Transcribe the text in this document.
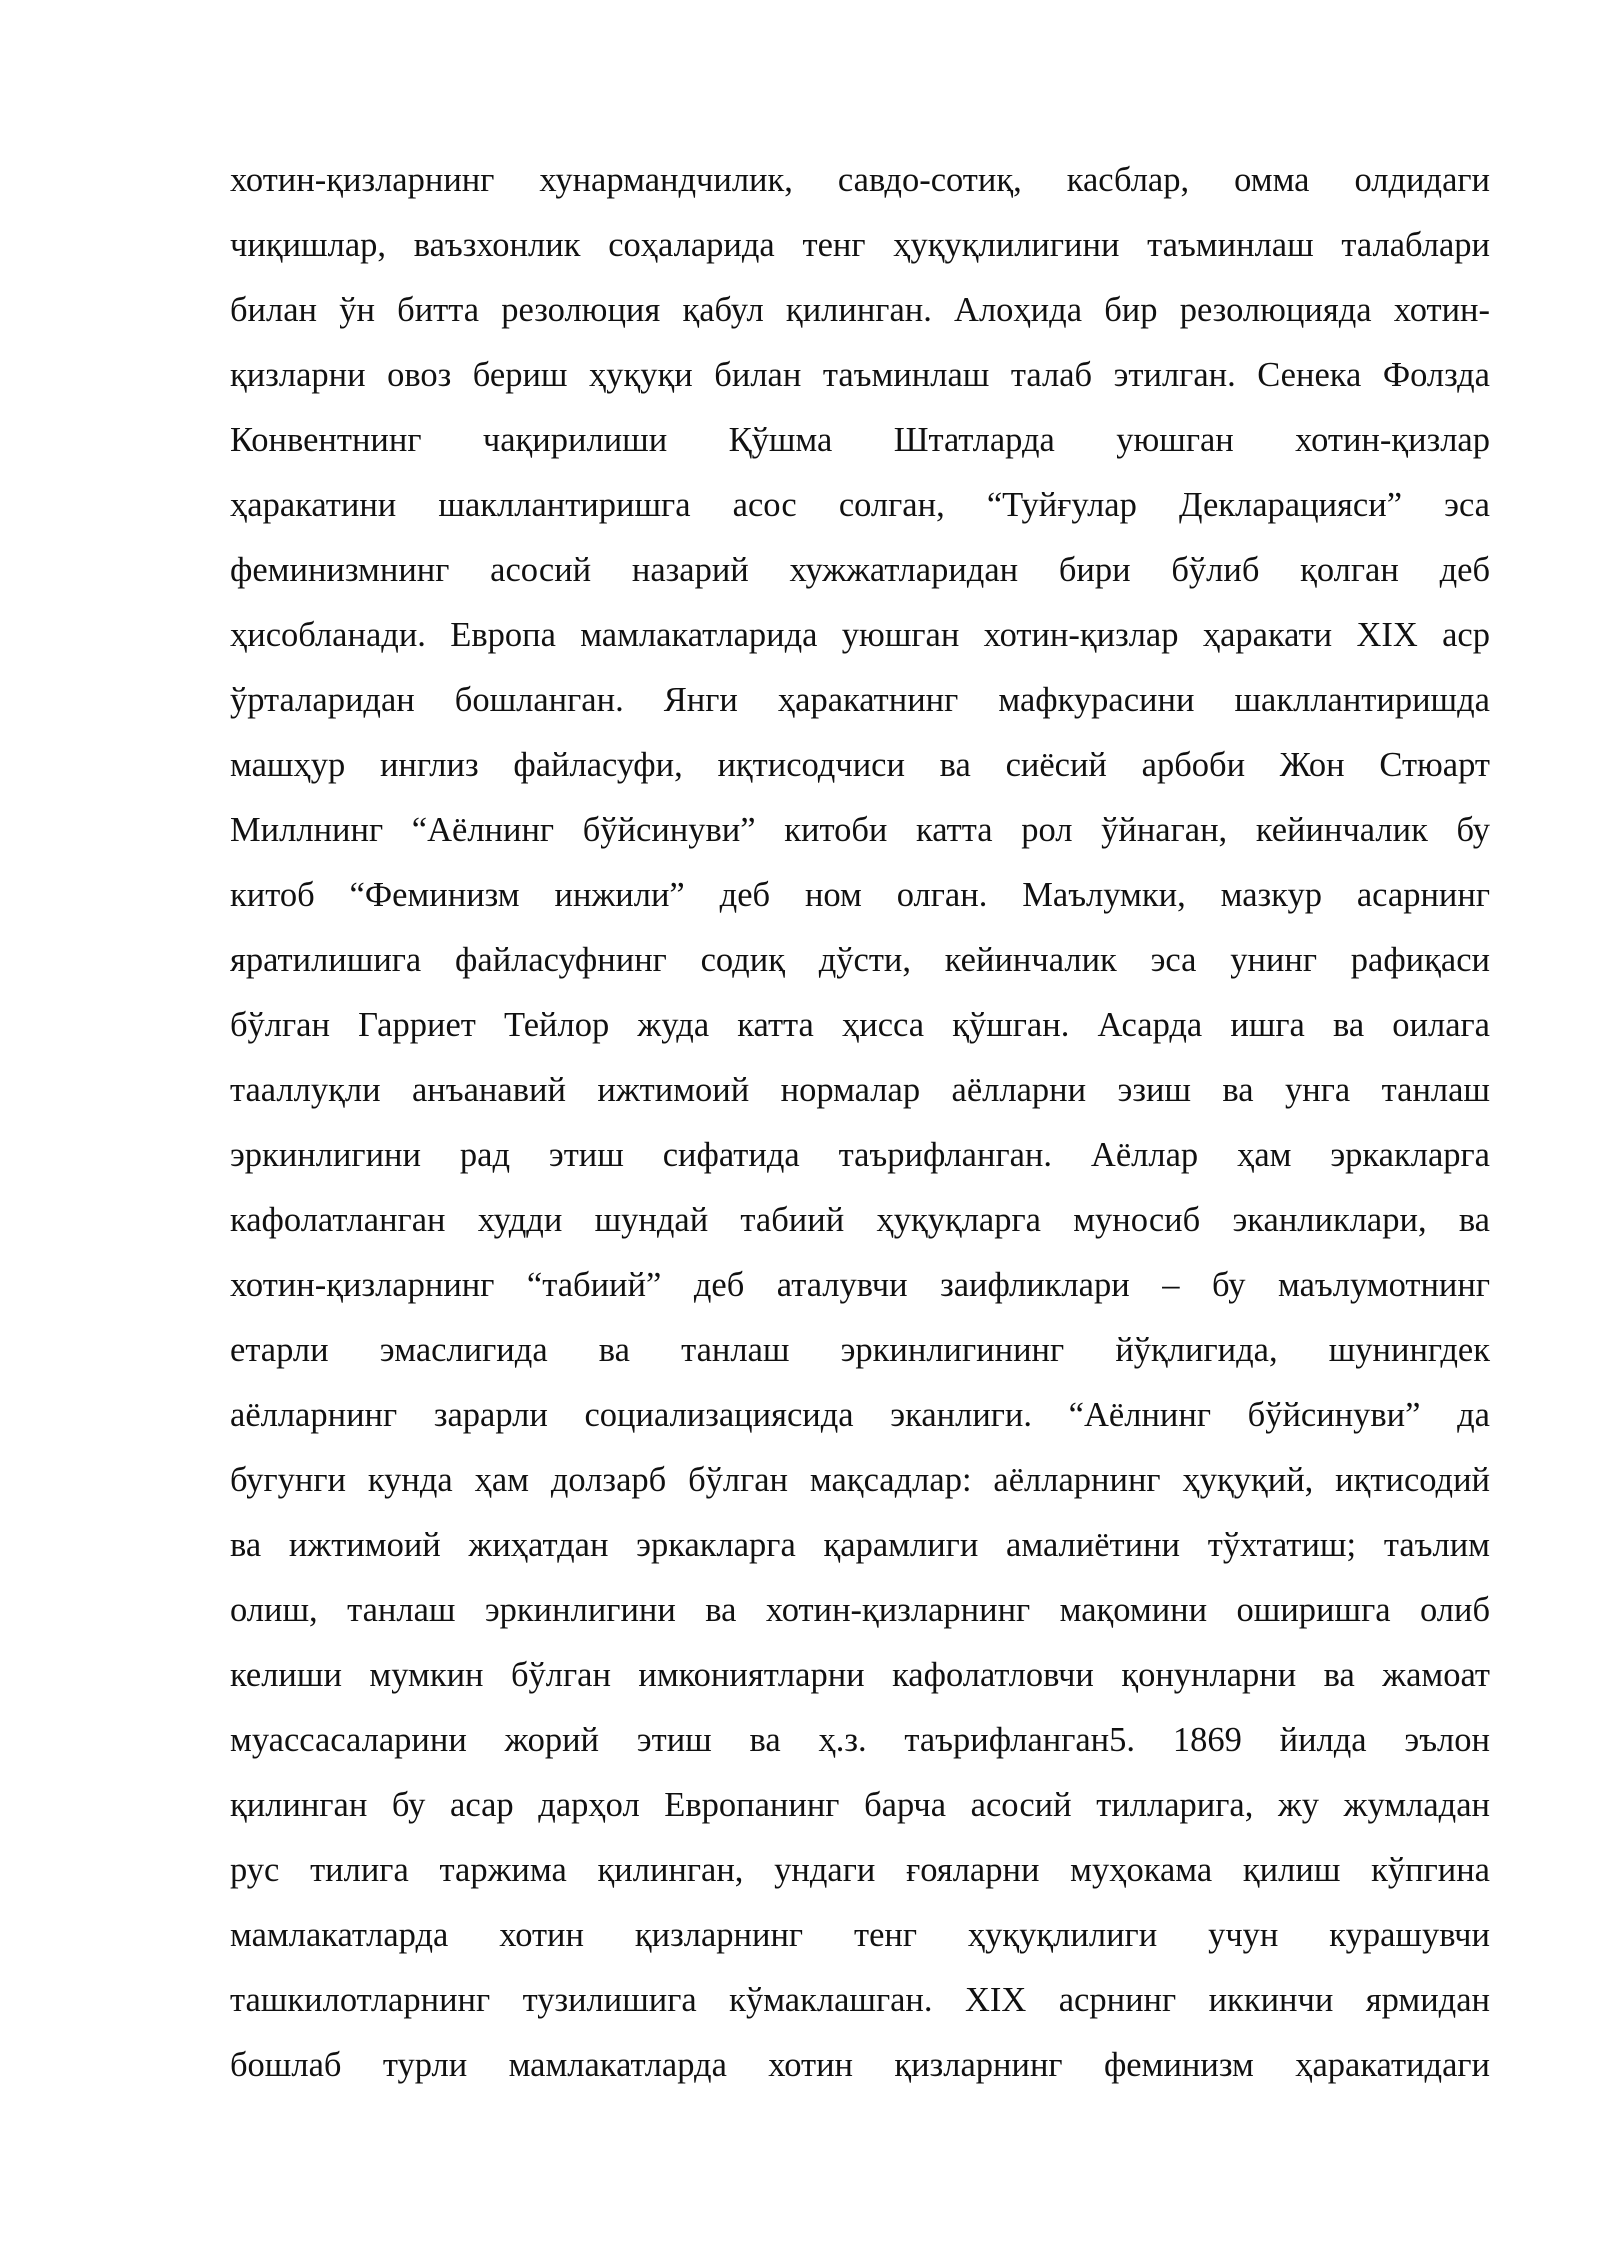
хотин-қизларнинг хунармандчилик, савдо-сотиқ, касблар, омма олдидаги
чиқишлар, ваъзхонлик соҳаларида тенг ҳуқуқлилигини таъминлаш талаблари
билан ўн битта резолюция қабул қилинган. Алоҳида бир резолюцияда хотин-
қизларни овоз бериш ҳуқуқи билан таъминлаш талаб этилган. Сенека Фолзда
Конвентнинг чақирилиши Қўшма Штатларда уюшган хотин-қизлар
ҳаракатини шакллантиришга асос солган, “Туйғулар Декларацияси” эса
феминизмнинг асосий назарий хужжатларидан бири бўлиб қолган деб
ҳисобланади. Европа мамлакатларида уюшган хотин-қизлар ҳаракати XIX аср
ўрталаридан бошланган. Янги ҳаракатнинг мафкурасини шакллантиришда
машҳур инглиз файласуфи, иқтисодчиси ва сиёсий арбоби Жон Стюарт
Миллнинг “Аёлнинг бўйсинуви” китоби катта рол ўйнаган, кейинчалик бу
китоб “Феминизм инжили” деб ном олган. Маълумки, мазкур асарнинг
яратилишига файласуфнинг содиқ дўсти, кейинчалик эса унинг рафиқаси
бўлган Гарриет Тейлор жуда катта ҳисса қўшган. Асарда ишга ва оилага
тааллуқли анъанавий ижтимоий нормалар аёлларни эзиш ва унга танлаш
эркинлигини рад этиш сифатида таърифланган. Аёллар ҳам эркакларга
кафолатланган худди шундай табиий ҳуқуқларга муносиб эканликлари, ва
хотин-қизларнинг “табиий” деб аталувчи заифликлари – бу маълумотнинг
етарли эмаслигида ва танлаш эркинлигининг йўқлигида, шунингдек
аёлларнинг зарарли социализациясида эканлиги. “Аёлнинг бўйсинуви” да
бугунги кунда ҳам долзарб бўлган мақсадлар: аёлларнинг ҳуқуқий, иқтисодий
ва ижтимоий жиҳатдан эркакларга қарамлиги амалиётини тўхтатиш; таълим
олиш, танлаш эркинлигини ва хотин-қизларнинг мақомини оширишга олиб
келиши мумкин бўлган имкониятларни кафолатловчи қонунларни ва жамоат
муассасаларини жорий этиш ва ҳ.з. таърифланган5. 1869 йилда эълон
қилинган бу асар дарҳол Европанинг барча асосий тилларига, жу жумладан
рус тилига таржима қилинган, ундаги ғояларни муҳокама қилиш кўпгина
мамлакатларда хотин қизларнинг тенг ҳуқуқлилиги учун курашувчи
ташкилотларнинг тузилишига кўмаклашган. XIX асрнинг иккинчи ярмидан
бошлаб турли мамлакатларда хотин қизларнинг феминизм ҳаракатидаги
